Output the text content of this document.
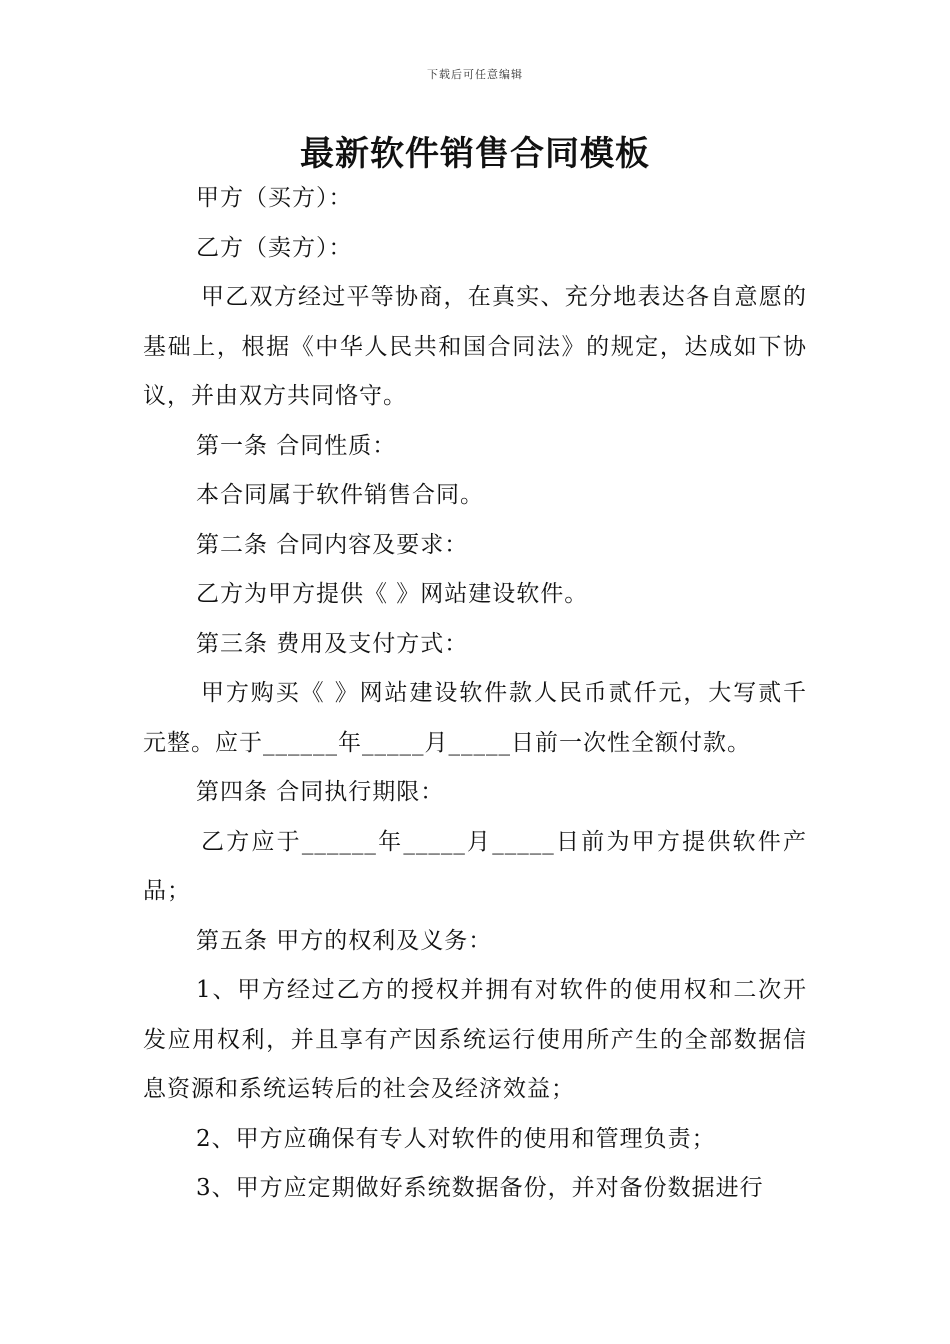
下载后可任意编辑
最新软件销售合同模板

甲方（买方）：

乙方（卖方）：

甲乙双方经过平等协商，在真实、充分地表达各自意愿的基础上，根据《中华人民共和国合同法》的规定，达成如下协议，并由双方共同恪守。

第一条 合同性质：

本合同属于软件销售合同。

第二条 合同内容及要求：

乙方为甲方提供《 》网站建设软件。

第三条 费用及支付方式：

甲方购买《 》网站建设软件款人民币贰仟元，大写贰千元整。应于______年_____月_____日前一次性全额付款。

第四条 合同执行期限：

乙方应于______年_____月_____日前为甲方提供软件产品；

第五条 甲方的权利及义务：

1、甲方经过乙方的授权并拥有对软件的使用权和二次开发应用权利，并且享有产因系统运行使用所产生的全部数据信息资源和系统运转后的社会及经济效益；

2、甲方应确保有专人对软件的使用和管理负责；

3、甲方应定期做好系统数据备份，并对备份数据进行
